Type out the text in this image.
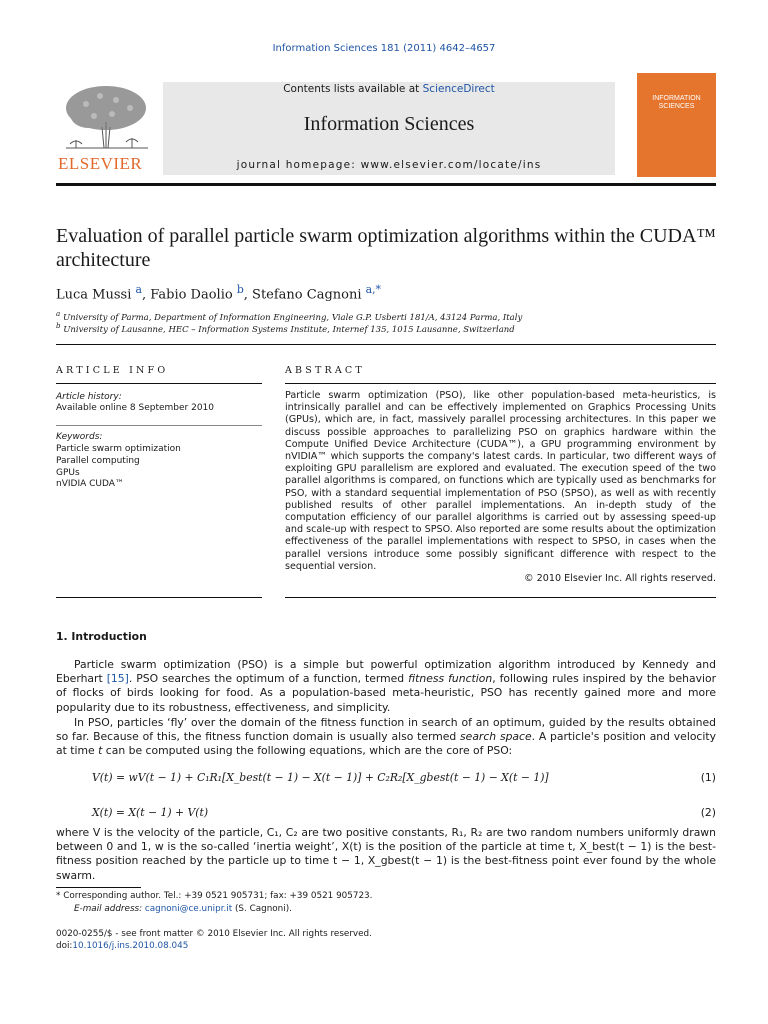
Information Sciences 181 (2011) 4642–4657
Contents lists available at ScienceDirect
Information Sciences
journal homepage: www.elsevier.com/locate/ins
ELSEVIER
INFORMATION SCIENCES
Evaluation of parallel particle swarm optimization algorithms within the CUDA™ architecture
Luca Mussi $^a$, Fabio Daolio $^b$, Stefano Cagnoni $^{a,*}$
$^a$ University of Parma, Department of Information Engineering, Viale G.P. Usberti 181/A, 43124 Parma, Italy
$^b$ University of Lausanne, HEC – Information Systems Institute, Internef 135, 1015 Lausanne, Switzerland
ARTICLE INFO
Article history:
Available online 8 September 2010
Keywords:
Particle swarm optimization
Parallel computing
GPUs
nVIDIA CUDA™
ABSTRACT
Particle swarm optimization (PSO), like other population-based meta-heuristics, is intrinsically parallel and can be effectively implemented on Graphics Processing Units (GPUs), which are, in fact, massively parallel processing architectures. In this paper we discuss possible approaches to parallelizing PSO on graphics hardware within the Compute Unified Device Architecture (CUDA™), a GPU programming environment by nVIDIA™ which supports the company's latest cards. In particular, two different ways of exploiting GPU parallelism are explored and evaluated. The execution speed of the two parallel algorithms is compared, on functions which are typically used as benchmarks for PSO, with a standard sequential implementation of PSO (SPSO), as well as with recently published results of other parallel implementations. An in-depth study of the computation efficiency of our parallel algorithms is carried out by assessing speed-up and scale-up with respect to SPSO. Also reported are some results about the optimization effectiveness of the parallel implementations with respect to SPSO, in cases when the parallel versions introduce some possibly significant difference with respect to the sequential version.
© 2010 Elsevier Inc. All rights reserved.
1. Introduction
Particle swarm optimization (PSO) is a simple but powerful optimization algorithm introduced by Kennedy and Eberhart [15]. PSO searches the optimum of a function, termed fitness function, following rules inspired by the behavior of flocks of birds looking for food. As a population-based meta-heuristic, PSO has recently gained more and more popularity due to its robustness, effectiveness, and simplicity.
In PSO, particles ‘fly’ over the domain of the fitness function in search of an optimum, guided by the results obtained so far. Because of this, the fitness function domain is usually also termed search space. A particle's position and velocity at time t can be computed using the following equations, which are the core of PSO:
V(t) = wV(t − 1) + C₁R₁[X_best(t − 1) − X(t − 1)] + C₂R₂[X_gbest(t − 1) − X(t − 1)]	(1)
X(t) = X(t − 1) + V(t)	(2)
where V is the velocity of the particle, C₁, C₂ are two positive constants, R₁, R₂ are two random numbers uniformly drawn between 0 and 1, w is the so-called ‘inertia weight’, X(t) is the position of the particle at time t, X_best(t − 1) is the best-fitness position reached by the particle up to time t − 1, X_gbest(t − 1) is the best-fitness point ever found by the whole swarm.
* Corresponding author. Tel.: +39 0521 905731; fax: +39 0521 905723.
E-mail address: cagnoni@ce.unipr.it (S. Cagnoni).
0020-0255/$ - see front matter © 2010 Elsevier Inc. All rights reserved.
doi:10.1016/j.ins.2010.08.045
